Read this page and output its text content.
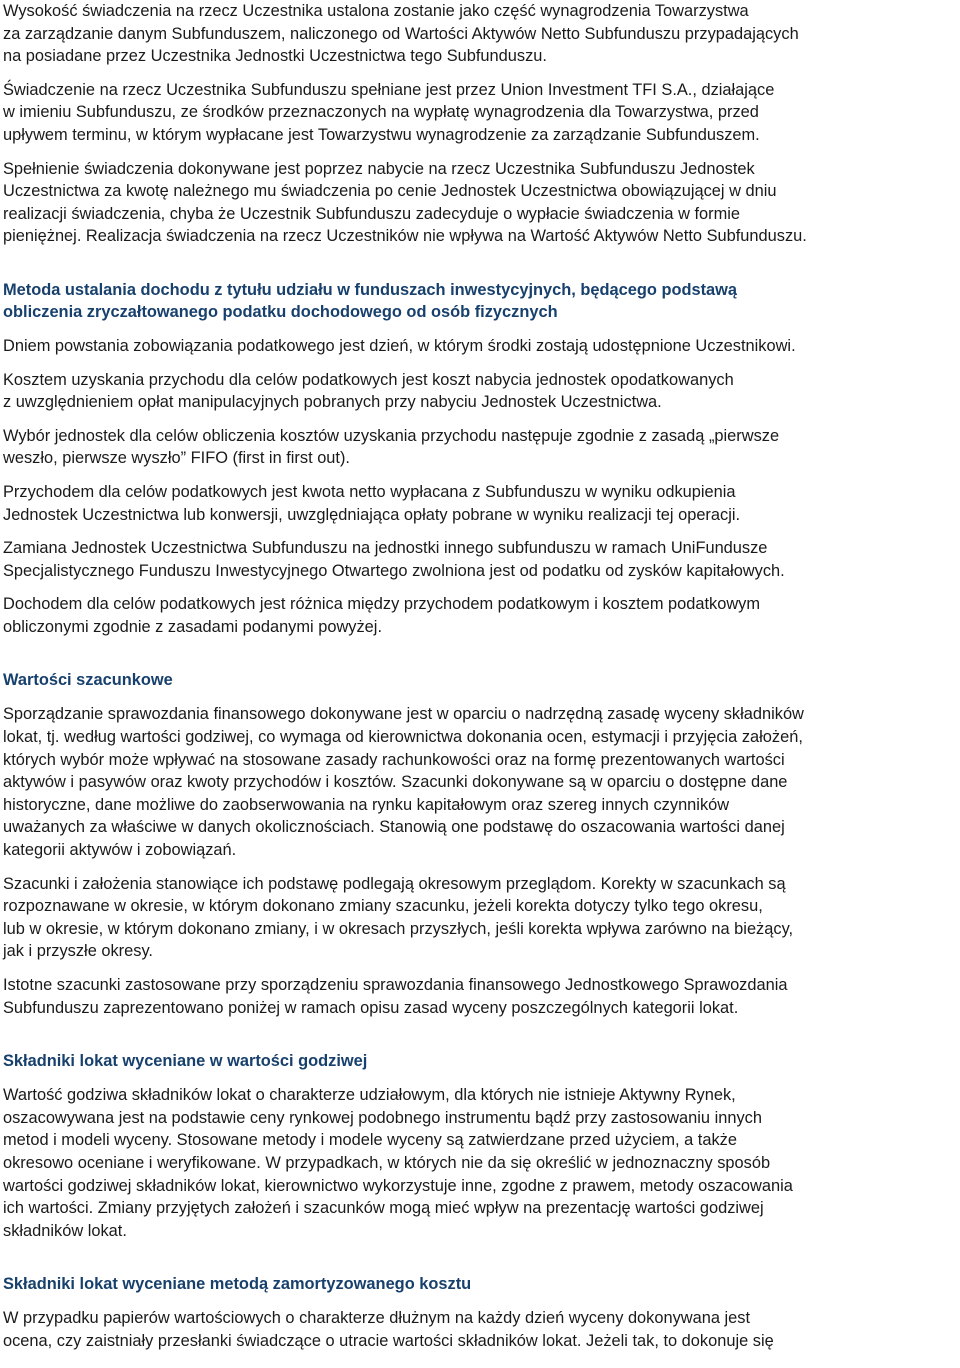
Wysokość świadczenia na rzecz Uczestnika ustalona zostanie jako część wynagrodzenia Towarzystwa
za zarządzanie danym Subfunduszem, naliczonego od Wartości Aktywów Netto Subfunduszu przypadających
na posiadane przez Uczestnika Jednostki Uczestnictwa tego Subfunduszu.

Świadczenie na rzecz Uczestnika Subfunduszu spełniane jest przez Union Investment TFI S.A., działające
w imieniu Subfunduszu, ze środków przeznaczonych na wypłatę wynagrodzenia dla Towarzystwa, przed
upływem terminu, w którym wypłacane jest Towarzystwu wynagrodzenie za zarządzanie Subfunduszem.

Spełnienie świadczenia dokonywane jest poprzez nabycie na rzecz Uczestnika Subfunduszu Jednostek
Uczestnictwa za kwotę należnego mu świadczenia po cenie Jednostek Uczestnictwa obowiązującej w dniu
realizacji świadczenia, chyba że Uczestnik Subfunduszu zadecyduje o wypłacie świadczenia w formie
pieniężnej. Realizacja świadczenia na rzecz Uczestników nie wpływa na Wartość Aktywów Netto Subfunduszu.

Metoda ustalania dochodu z tytułu udziału w funduszach inwestycyjnych, będącego podstawą
obliczenia zryczałtowanego podatku dochodowego od osób fizycznych

Dniem powstania zobowiązania podatkowego jest dzień, w którym środki zostają udostępnione Uczestnikowi.

Kosztem uzyskania przychodu dla celów podatkowych jest koszt nabycia jednostek opodatkowanych
z uwzględnieniem opłat manipulacyjnych pobranych przy nabyciu Jednostek Uczestnictwa.

Wybór jednostek dla celów obliczenia kosztów uzyskania przychodu następuje zgodnie z zasadą „pierwsze
weszło, pierwsze wyszło” FIFO (first in first out).

Przychodem dla celów podatkowych jest kwota netto wypłacana z Subfunduszu w wyniku odkupienia
Jednostek Uczestnictwa lub konwersji, uwzględniająca opłaty pobrane w wyniku realizacji tej operacji.

Zamiana Jednostek Uczestnictwa Subfunduszu na jednostki innego subfunduszu w ramach UniFundusze
Specjalistycznego Funduszu Inwestycyjnego Otwartego zwolniona jest od podatku od zysków kapitałowych.

Dochodem dla celów podatkowych jest różnica między przychodem podatkowym i kosztem podatkowym
obliczonymi zgodnie z zasadami podanymi powyżej.

Wartości szacunkowe

Sporządzanie sprawozdania finansowego dokonywane jest w oparciu o nadrzędną zasadę wyceny składników
lokat, tj. według wartości godziwej, co wymaga od kierownictwa dokonania ocen, estymacji i przyjęcia założeń,
których wybór może wpływać na stosowane zasady rachunkowości oraz na formę prezentowanych wartości
aktywów i pasywów oraz kwoty przychodów i kosztów. Szacunki dokonywane są w oparciu o dostępne dane
historyczne, dane możliwe do zaobserwowania na rynku kapitałowym oraz szereg innych czynników
uważanych za właściwe w danych okolicznościach. Stanowią one podstawę do oszacowania wartości danej
kategorii aktywów i zobowiązań.

Szacunki i założenia stanowiące ich podstawę podlegają okresowym przeglądom. Korekty w szacunkach są
rozpoznawane w okresie, w którym dokonano zmiany szacunku, jeżeli korekta dotyczy tylko tego okresu,
lub w okresie, w którym dokonano zmiany, i w okresach przyszłych, jeśli korekta wpływa zarówno na bieżący,
jak i przyszłe okresy.

Istotne szacunki zastosowane przy sporządzeniu sprawozdania finansowego Jednostkowego Sprawozdania
Subfunduszu zaprezentowano poniżej w ramach opisu zasad wyceny poszczególnych kategorii lokat.

Składniki lokat wyceniane w wartości godziwej

Wartość godziwa składników lokat o charakterze udziałowym, dla których nie istnieje Aktywny Rynek,
oszacowywana jest na podstawie ceny rynkowej podobnego instrumentu bądź przy zastosowaniu innych
metod i modeli wyceny. Stosowane metody i modele wyceny są zatwierdzane przed użyciem, a także
okresowo oceniane i weryfikowane. W przypadkach, w których nie da się określić w jednoznaczny sposób
wartości godziwej składników lokat, kierownictwo wykorzystuje inne, zgodne z prawem, metody oszacowania
ich wartości. Zmiany przyjętych założeń i szacunków mogą mieć wpływ na prezentację wartości godziwej
składników lokat.

Składniki lokat wyceniane metodą zamortyzowanego kosztu

W przypadku papierów wartościowych o charakterze dłużnym na każdy dzień wyceny dokonywana jest
ocena, czy zaistniały przesłanki świadczące o utracie wartości składników lokat. Jeżeli tak, to dokonuje się
